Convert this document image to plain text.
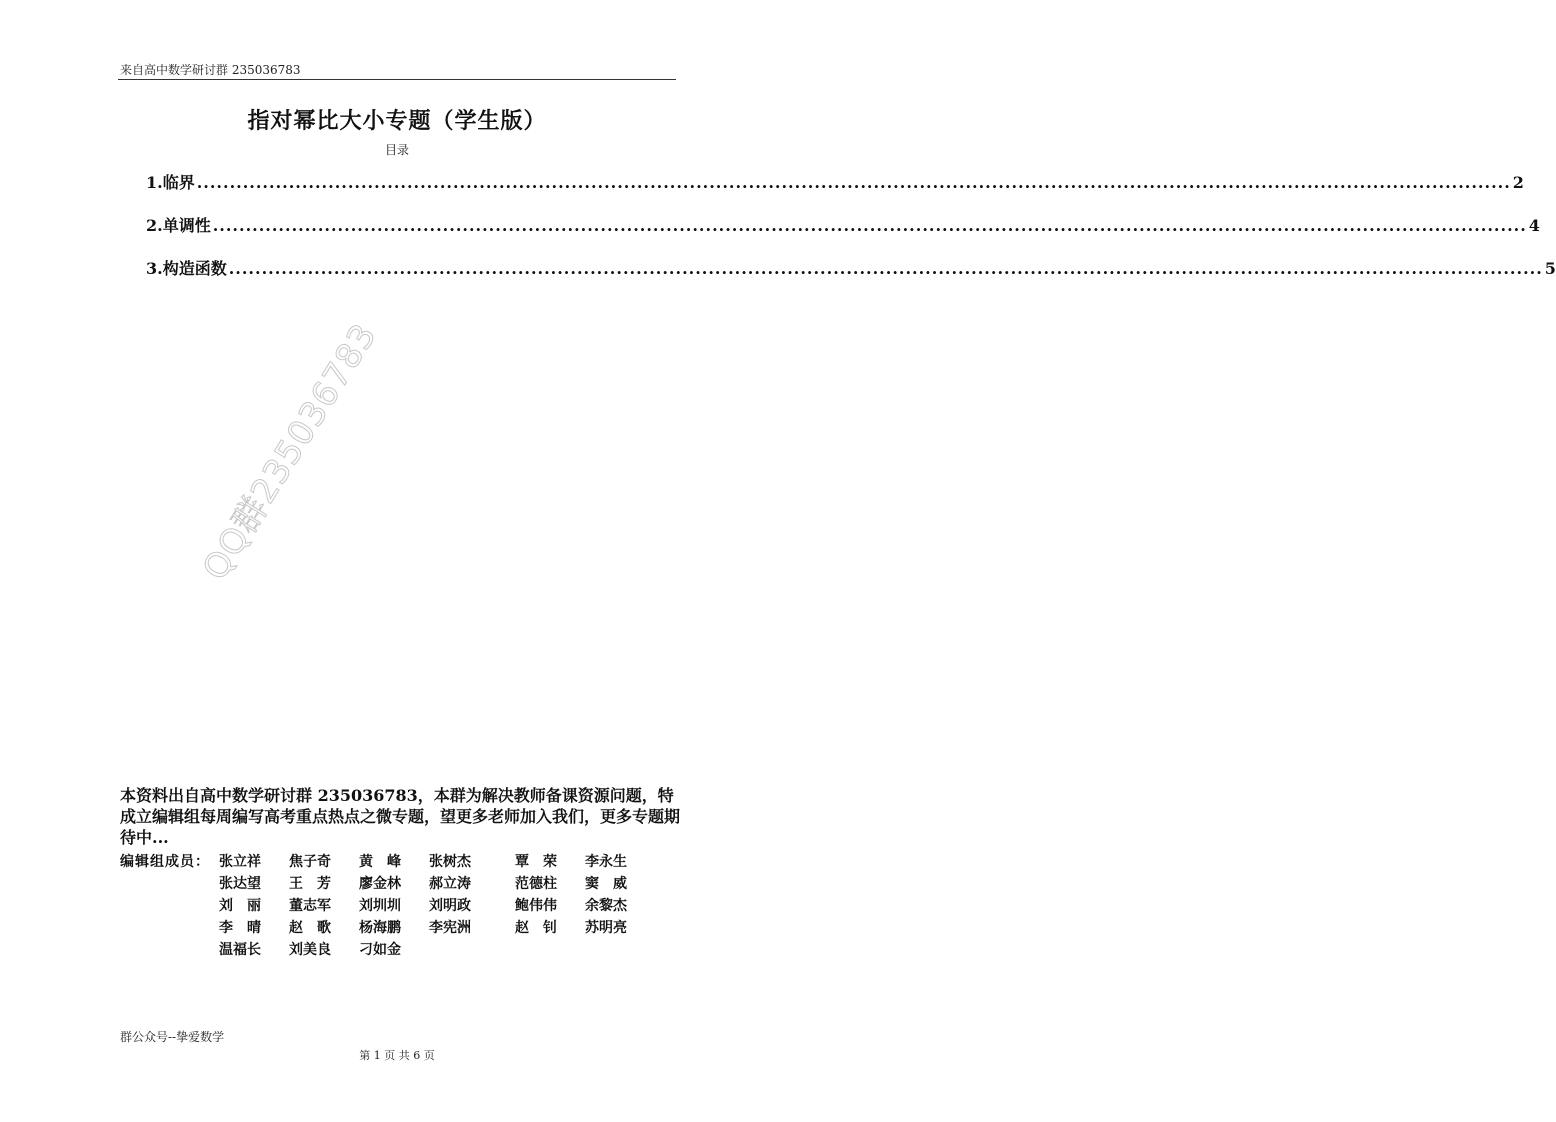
来自高中数学研讨群 235036783
指对幂比大小专题（学生版）
目录
1.临界 ........................................................................................................................................................................................................ 2
2.单调性 ........................................................................................................................................................................................................ 4
3.构造函数 ........................................................................................................................................................................................................ 5
QQ群235036783
本资料出自高中数学研讨群 235036783，本群为解决教师备课资源问题，特成立编辑组每周编写高考重点热点之微专题，望更多老师加入我们，更多专题期待中...
编辑组成员： 张立祥	焦子奇	黄　峰	张树杰	覃　荣	李永生
张达望	王　芳	廖金林	郝立涛	范德柱	窦　威
刘　丽	董志军	刘圳圳	刘明政	鲍伟伟	余黎杰
李　晴	赵　歌	杨海鹏	李宪洲	赵　钊	苏明亮
温福长	刘美良	刁如金
群公众号--挚爱数学
第 1 页 共 6 页
